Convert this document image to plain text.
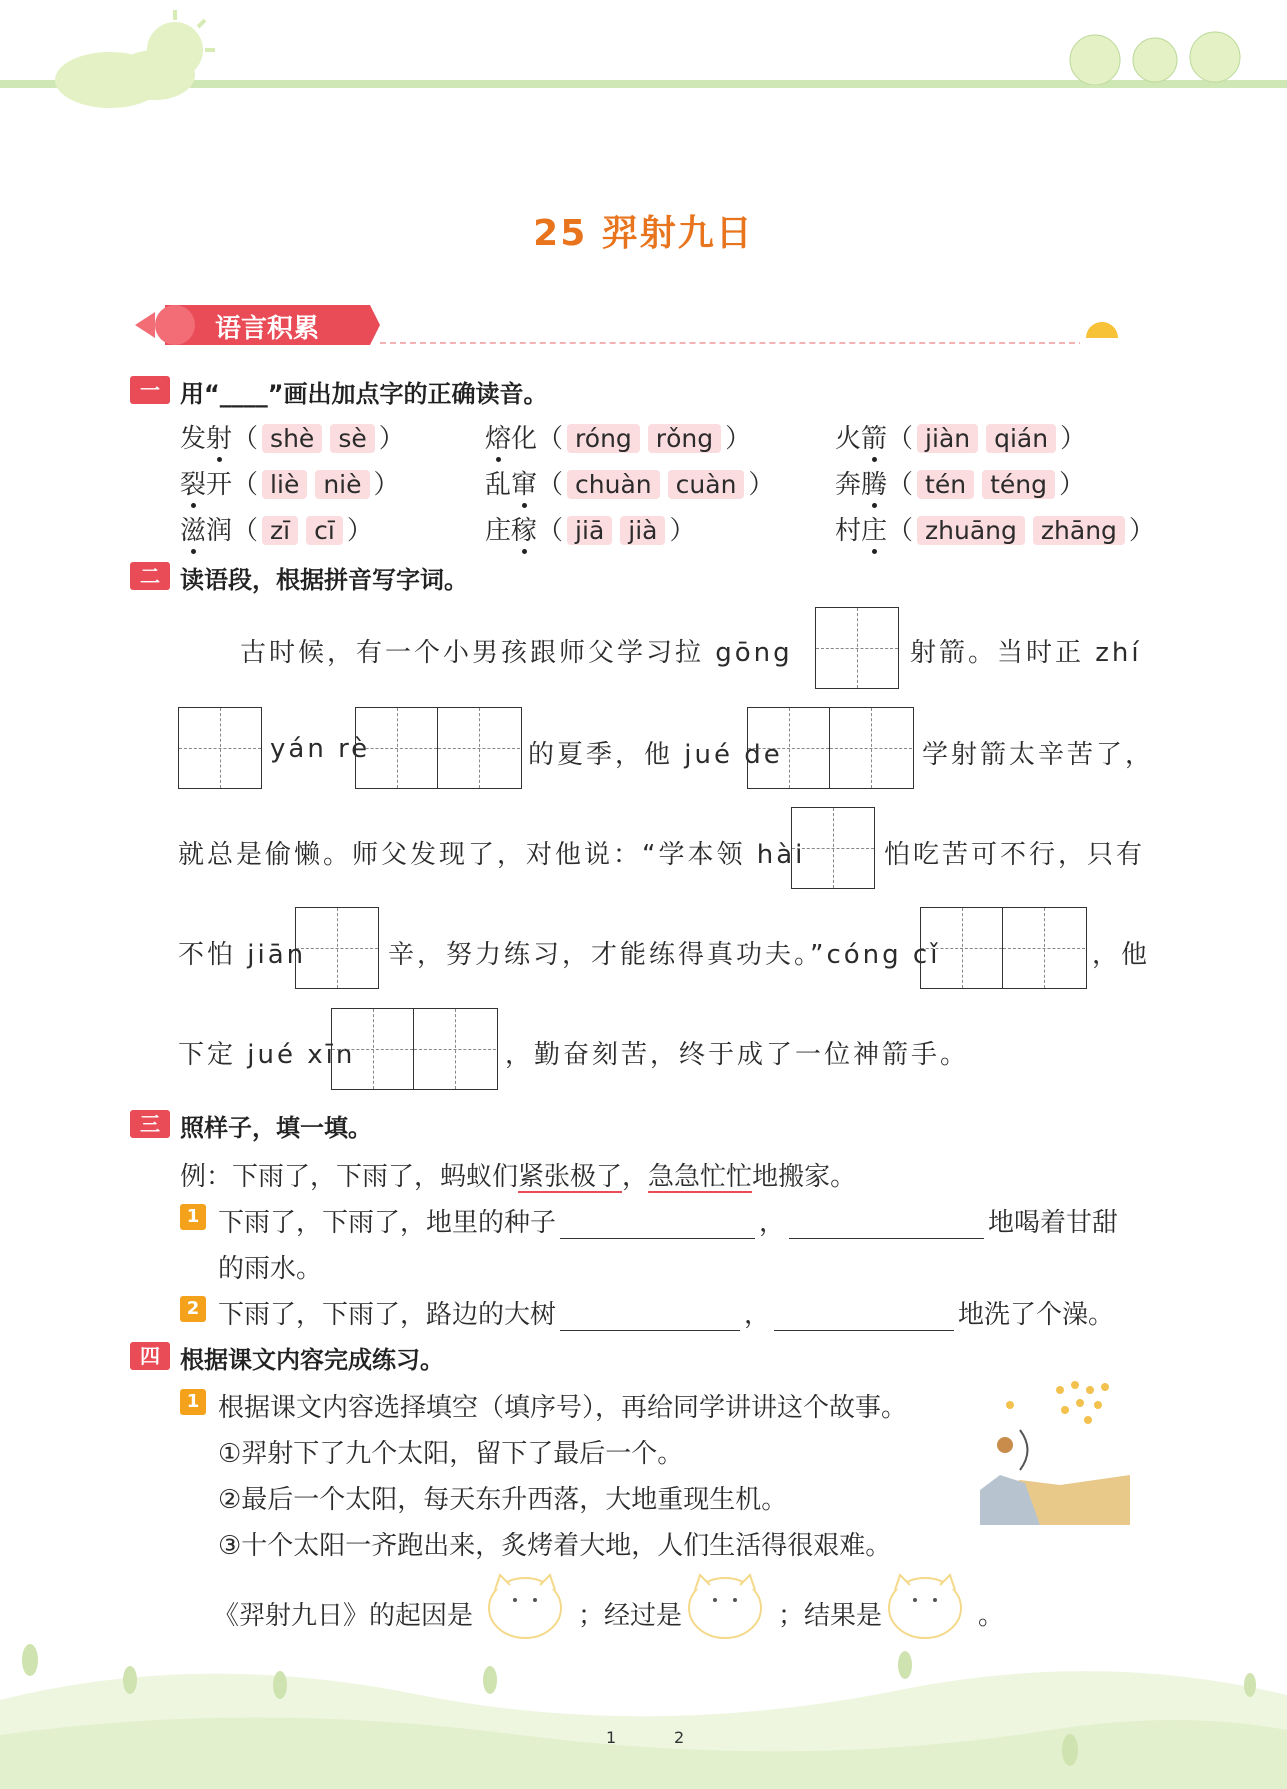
25 羿射九日
语言积累
一 用“____”画出加点字的正确读音。
发射（ shè sè ）	熔化（ róng rǒng ）	火箭（ jiàn qián ）
裂开（ liè niè ）	乱窜（ chuàn cuàn ） 奔腾（ tén téng ）
滋润（ zī cī ）	庄稼（ jiā jià ）	村庄（ zhuāng zhāng ）
二 读语段，根据拼音写字词。
古时候，有一个小男孩跟师父学习拉 gōng	射箭。当时正 zhí
yán rè	的夏季，他 jué de	学射箭太辛苦了，
就总是偷懒。师父发现了，对他说：“学本领 hài	怕吃苦可不行，只有
不怕 jiān	辛，努力练习，才能练得真功夫。”cóng cǐ	，他
下定 jué xīn	，勤奋刻苦，终于成了一位神箭手。
三 照样子，填一填。
例：下雨了，下雨了，蚂蚁们紧张极了，急急忙忙地搬家。
1 下雨了，下雨了，地里的种子	，	地喝着甘甜
的雨水。
2 下雨了，下雨了，路边的大树	，	地洗了个澡。
四 根据课文内容完成练习。
1 根据课文内容选择填空（填序号），再给同学讲讲这个故事。
①羿射下了九个太阳，留下了最后一个。
②最后一个太阳，每天东升西落，大地重现生机。
③十个太阳一齐跑出来，炙烤着大地，人们生活得很艰难。
《羿射九日》的起因是	；经过是	；结果是	。
1	2
